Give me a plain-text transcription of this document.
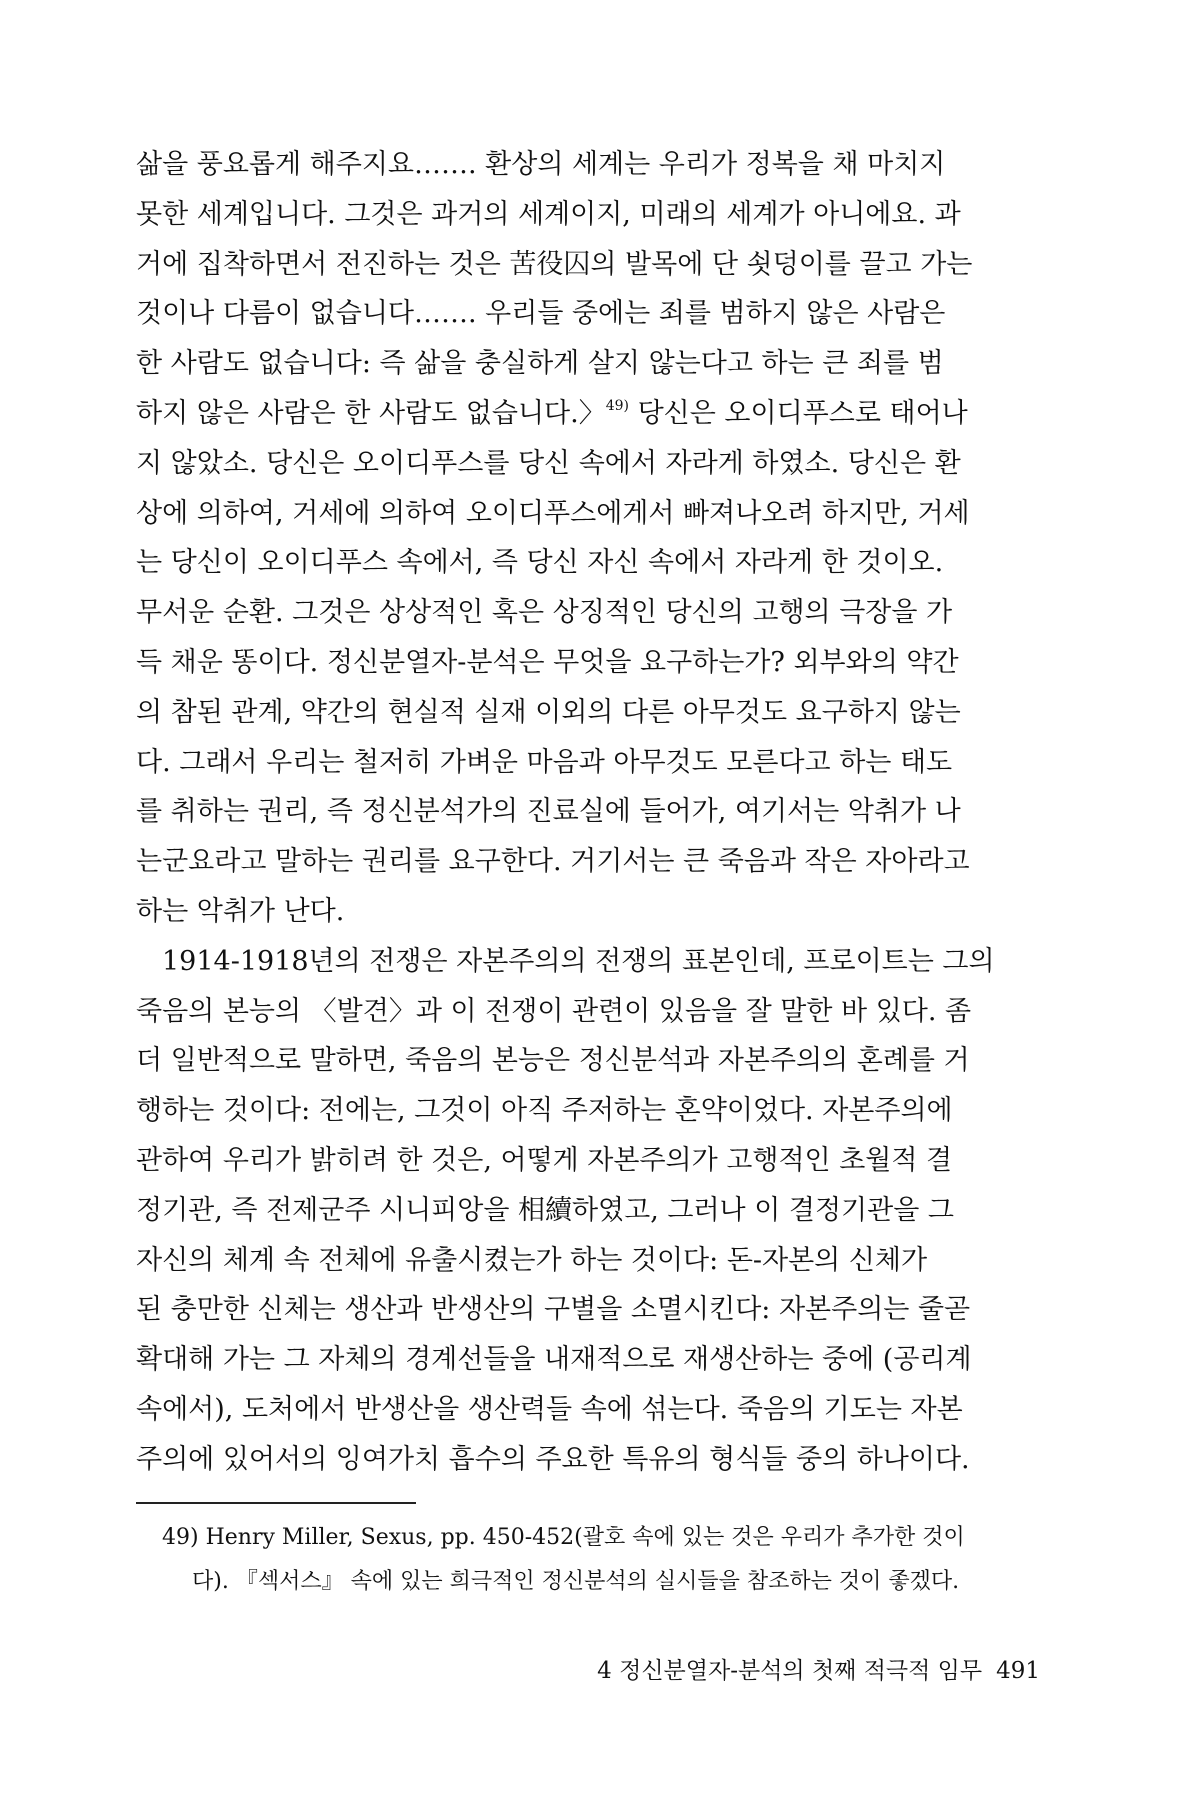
삶을 풍요롭게 해주지요……. 환상의 세계는 우리가 정복을 채 마치지
못한 세계입니다. 그것은 과거의 세계이지, 미래의 세계가 아니에요. 과
거에 집착하면서 전진하는 것은 苦役囚의 발목에 단 쇳덩이를 끌고 가는
것이나 다름이 없습니다……. 우리들 중에는 죄를 범하지 않은 사람은
한 사람도 없습니다: 즉 삶을 충실하게 살지 않는다고 하는 큰 죄를 범
하지 않은 사람은 한 사람도 없습니다.〉$^{49)}$ 당신은 오이디푸스로 태어나
지 않았소. 당신은 오이디푸스를 당신 속에서 자라게 하였소. 당신은 환
상에 의하여, 거세에 의하여 오이디푸스에게서 빠져나오려 하지만, 거세
는 당신이 오이디푸스 속에서, 즉 당신 자신 속에서 자라게 한 것이오.
무서운 순환. 그것은 상상적인 혹은 상징적인 당신의 고행의 극장을 가
득 채운 똥이다. 정신분열자-분석은 무엇을 요구하는가? 외부와의 약간
의 참된 관계, 약간의 현실적 실재 이외의 다른 아무것도 요구하지 않는
다. 그래서 우리는 철저히 가벼운 마음과 아무것도 모른다고 하는 태도
를 취하는 권리, 즉 정신분석가의 진료실에 들어가, 여기서는 악취가 나
는군요라고 말하는 권리를 요구한다. 거기서는 큰 죽음과 작은 자아라고
하는 악취가 난다.

1914-1918년의 전쟁은 자본주의의 전쟁의 표본인데, 프로이트는 그의
죽음의 본능의 〈발견〉과 이 전쟁이 관련이 있음을 잘 말한 바 있다. 좀
더 일반적으로 말하면, 죽음의 본능은 정신분석과 자본주의의 혼례를 거
행하는 것이다: 전에는, 그것이 아직 주저하는 혼약이었다. 자본주의에
관하여 우리가 밝히려 한 것은, 어떻게 자본주의가 고행적인 초월적 결
정기관, 즉 전제군주 시니피앙을 相續하였고, 그러나 이 결정기관을 그
자신의 체계 속 전체에 유출시켰는가 하는 것이다: 돈-자본의 신체가
된 충만한 신체는 생산과 반생산의 구별을 소멸시킨다: 자본주의는 줄곧
확대해 가는 그 자체의 경계선들을 내재적으로 재생산하는 중에 (공리계
속에서), 도처에서 반생산을 생산력들 속에 섞는다. 죽음의 기도는 자본
주의에 있어서의 잉여가치 흡수의 주요한 특유의 형식들 중의 하나이다.

49) Henry Miller, Sexus, pp. 450-452(괄호 속에 있는 것은 우리가 추가한 것이
다). 『섹서스』 속에 있는 희극적인 정신분석의 실시들을 참조하는 것이 좋겠다.
4 정신분열자-분석의 첫째 적극적 임무 491
